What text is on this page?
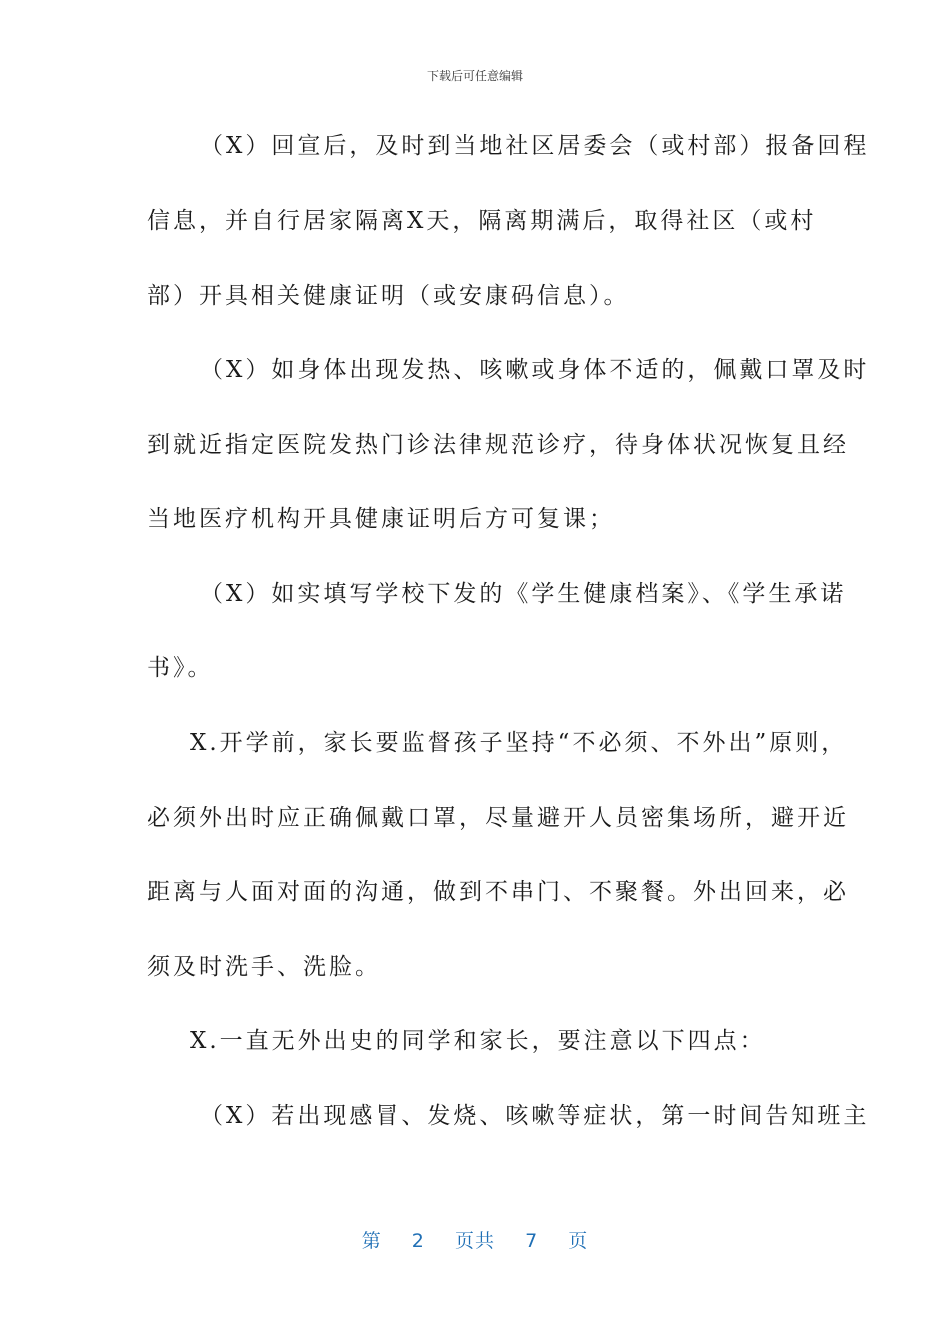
下载后可任意编辑
（X）回宣后，及时到当地社区居委会（或村部）报备回程
信息，并自行居家隔离X天，隔离期满后，取得社区（或村
部）开具相关健康证明（或安康码信息）。
（X）如身体出现发热、咳嗽或身体不适的，佩戴口罩及时
到就近指定医院发热门诊法律规范诊疗，待身体状况恢复且经
当地医疗机构开具健康证明后方可复课；
（X）如实填写学校下发的《学生健康档案》、《学生承诺
书》。
X.开学前，家长要监督孩子坚持“不必须、不外出”原则，
必须外出时应正确佩戴口罩，尽量避开人员密集场所，避开近
距离与人面对面的沟通，做到不串门、不聚餐。外出回来，必
须及时洗手、洗脸。
X.一直无外出史的同学和家长，要注意以下四点：
（X）若出现感冒、发烧、咳嗽等症状，第一时间告知班主
第 2 页共 7 页
